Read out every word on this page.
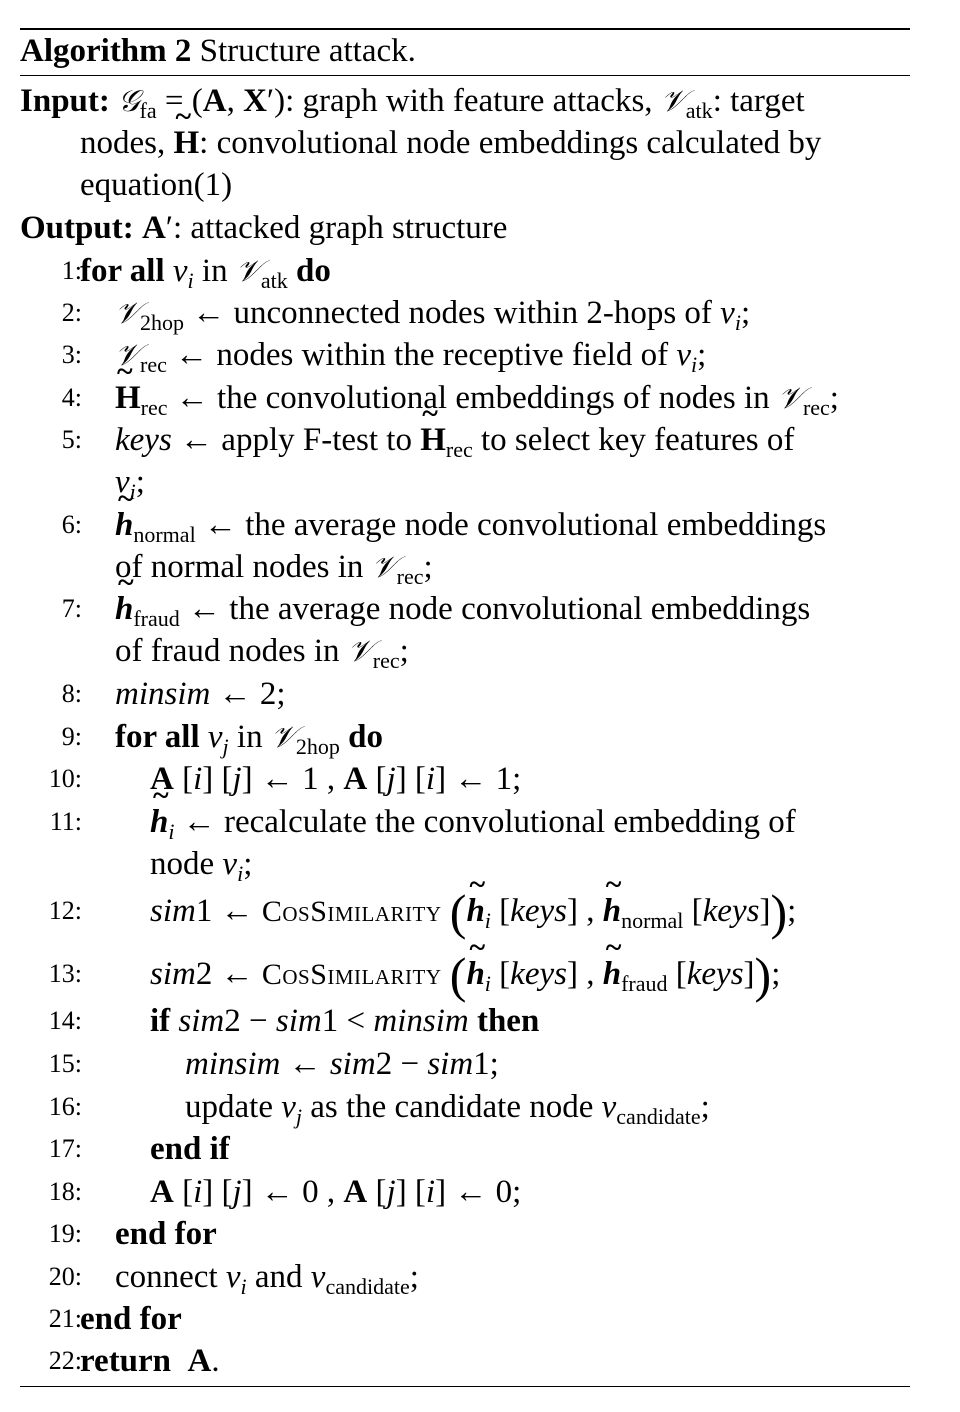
Algorithm 2 Structure attack.
Input: 𝒢$_{fa}$ = (A, X′): graph with feature attacks, 𝒱$_{atk}$: target
nodes, ~ H: convolutional node embeddings calculated by
equation(1)
Output: A′: attacked graph structure
1:
for all $v_i$ in 𝒱$_{atk}$ do
2: 𝒱$_{2hop}$ ← unconnected nodes within 2-hops of $v_i$;
3: 𝒱$_{rec}$ ← nodes within the receptive field of $v_i$;
4: ~ $H_{rec}$ ← the convolutional embeddings of nodes in 𝒱$_{rec}$;
5: keys ← apply F-test to ~ $H_{rec}$ to select key features of
$v_i$;
6: ~ $h_{normal}$ ← the average node convolutional embeddings
of normal nodes in 𝒱$_{rec}$;
7: ~ $h_{fraud}$ ← the average node convolutional embeddings
of fraud nodes in 𝒱$_{rec}$;
8: minsim ← 2;
9: for all $v_j$ in 𝒱$_{2hop}$ do
10: A [i] [j] ← 1 , A [j] [i] ← 1;
11: ~ $h_i$ ← recalculate the convolutional embedding of
node $v_i$;
12: sim1 ← CosSimilarity (~ $h_i$ [keys] , ~ $h_{normal}$ [keys]);
13: sim2 ← CosSimilarity (~ $h_i$ [keys] , ~ $h_{fraud}$ [keys]);
14: if sim2 − sim1 < minsim then
15:	minsim ← sim2 − sim1;
16:	update $v_j$ as the candidate node $v_{candidate}$;
17: end if
18: A [i] [j] ← 0 , A [j] [i] ← 0;
19: end for
20: connect $v_i$ and $v_{candidate}$;
21:
end for
22:
return A.
